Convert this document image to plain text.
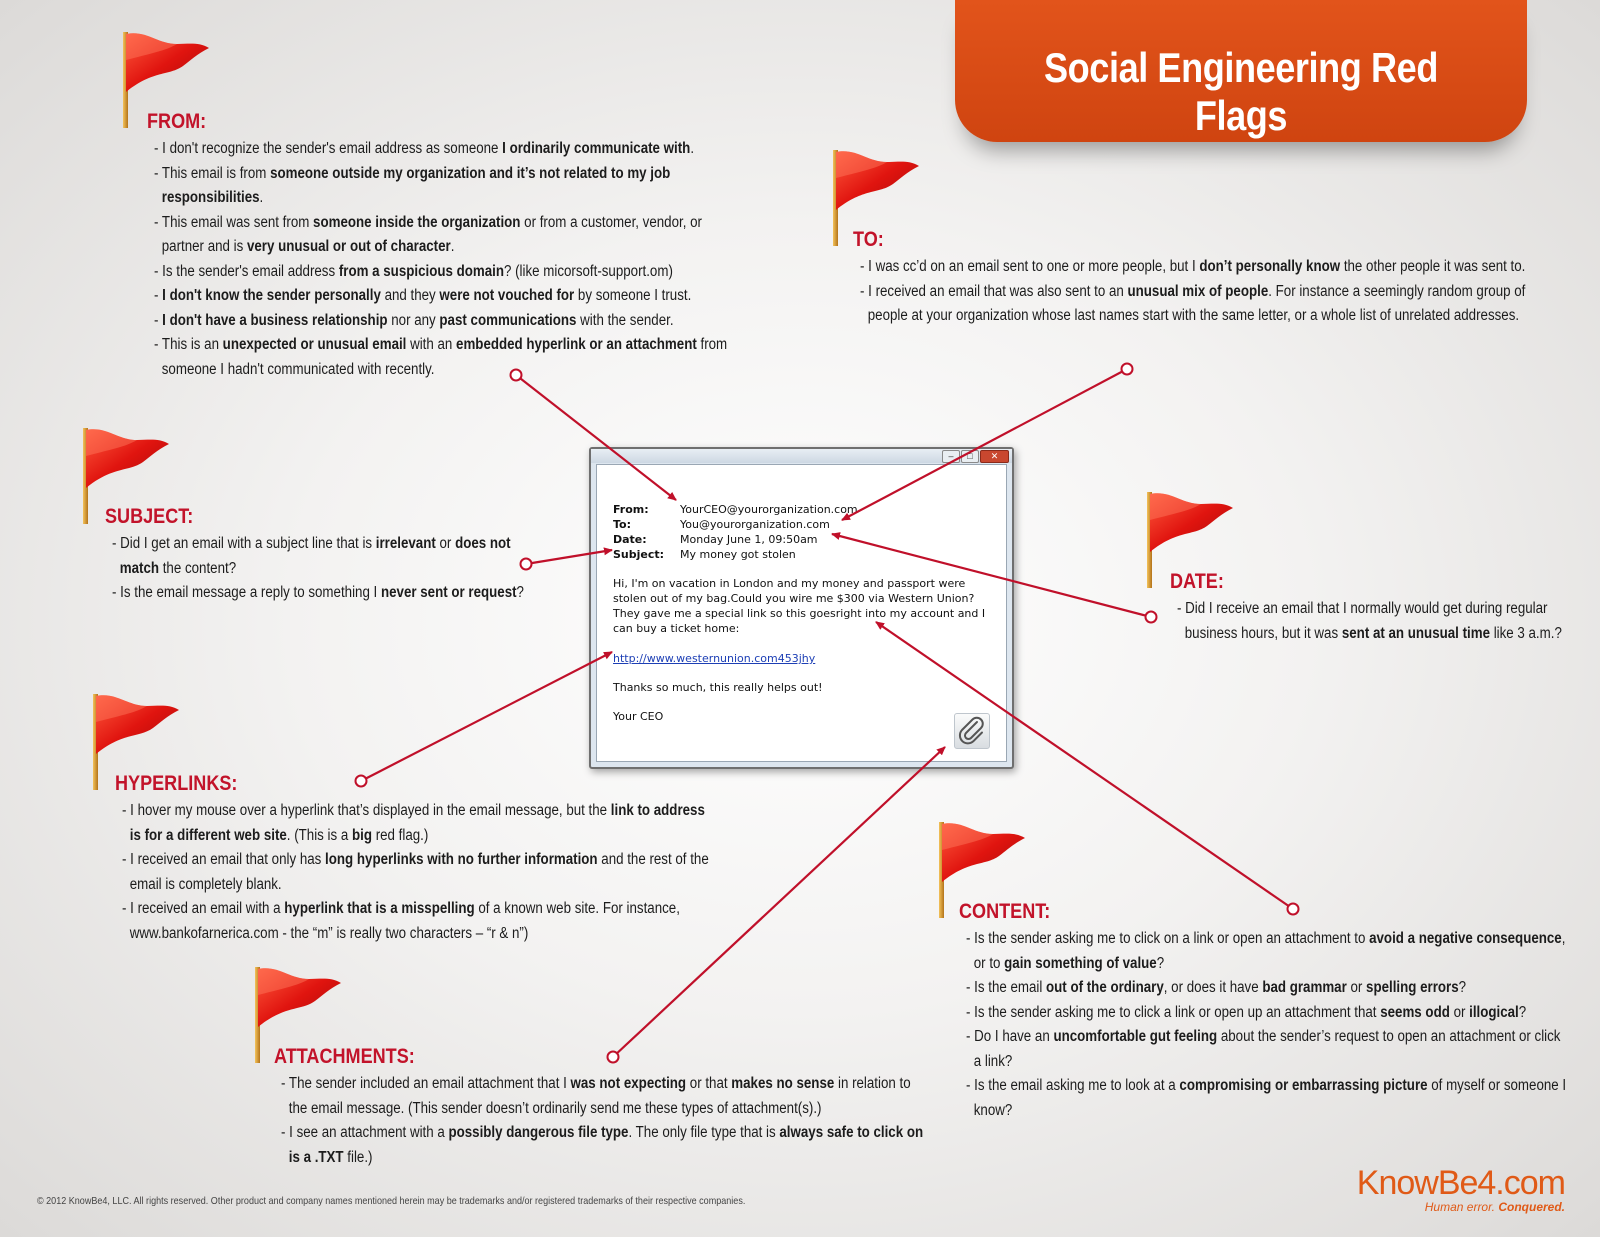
Social Engineering Red Flags
FROM:
- I don't recognize the sender's email address as someone I ordinarily communicate with.
- This email is from someone outside my organization and it’s not related to my job responsibilities.
- This email was sent from someone inside the organization or from a customer, vendor, or partner and is very unusual or out of character.
- Is the sender's email address from a suspicious domain? (like micorsoft-support.om)
- I don't know the sender personally and they were not vouched for by someone I trust.
- I don't have a business relationship nor any past communications with the sender.
- This is an unexpected or unusual email with an embedded hyperlink or an attachment from someone I hadn't communicated with recently.
TO:
- I was cc’d on an email sent to one or more people, but I don’t personally know the other people it was sent to.
- I received an email that was also sent to an unusual mix of people. For instance a seemingly random group of people at your organization whose last names start with the same letter, or a whole list of unrelated addresses.
SUBJECT:
- Did I get an email with a subject line that is irrelevant or does not match the content?
- Is the email message a reply to something I never sent or request?	DATE:
- Did I receive an email that I normally would get during regular business hours, but it was sent at an unusual time like 3 a.m.?
HYPERLINKS:
- I hover my mouse over a hyperlink that’s displayed in the email message, but the link to address is for a different web site. (This is a big red flag.)
- I received an email that only has long hyperlinks with no further information and the rest of the email is completely blank.
- I received an email with a hyperlink that is a misspelling of a known web site. For instance, www.bankofarnerica.com - the “m” is really two characters – “r & n”)
CONTENT:
- Is the sender asking me to click on a link or open an attachment to avoid a negative consequence, or to gain something of value?
- Is the email out of the ordinary, or does it have bad grammar or spelling errors?
- Is the sender asking me to click a link or open up an attachment that seems odd or illogical?
- Do I have an uncomfortable gut feeling about the sender’s request to open an attachment or click a link?
- Is the email asking me to look at a compromising or embarrassing picture of myself or someone I know?
ATTACHMENTS:
- The sender included an email attachment that I was not expecting or that makes no sense in relation to the email message. (This sender doesn’t ordinarily send me these types of attachment(s).)
- I see an attachment with a possibly dangerous file type. The only file type that is always safe to click on is a .TXT file.)
–	□	✕
From:	YourCEO@yourorganization.com
To:	You@yourorganization.com
Date:	Monday June 1, 09:50am
Subject: My money got stolen
Hi, I'm on vacation in London and my money and passport were stolen out of my bag.Could you wire me $300 via Western Union? They gave me a special link so this goesright into my account and I can buy a ticket home:
http://www.westernunion.com453jhy
Thanks so much, this really helps out!
Your CEO
© 2012 KnowBe4, LLC. All rights reserved. Other product and company names mentioned herein may be trademarks and/or registered trademarks of their respective companies.	KnowBe4.com
Human error. Conquered.
